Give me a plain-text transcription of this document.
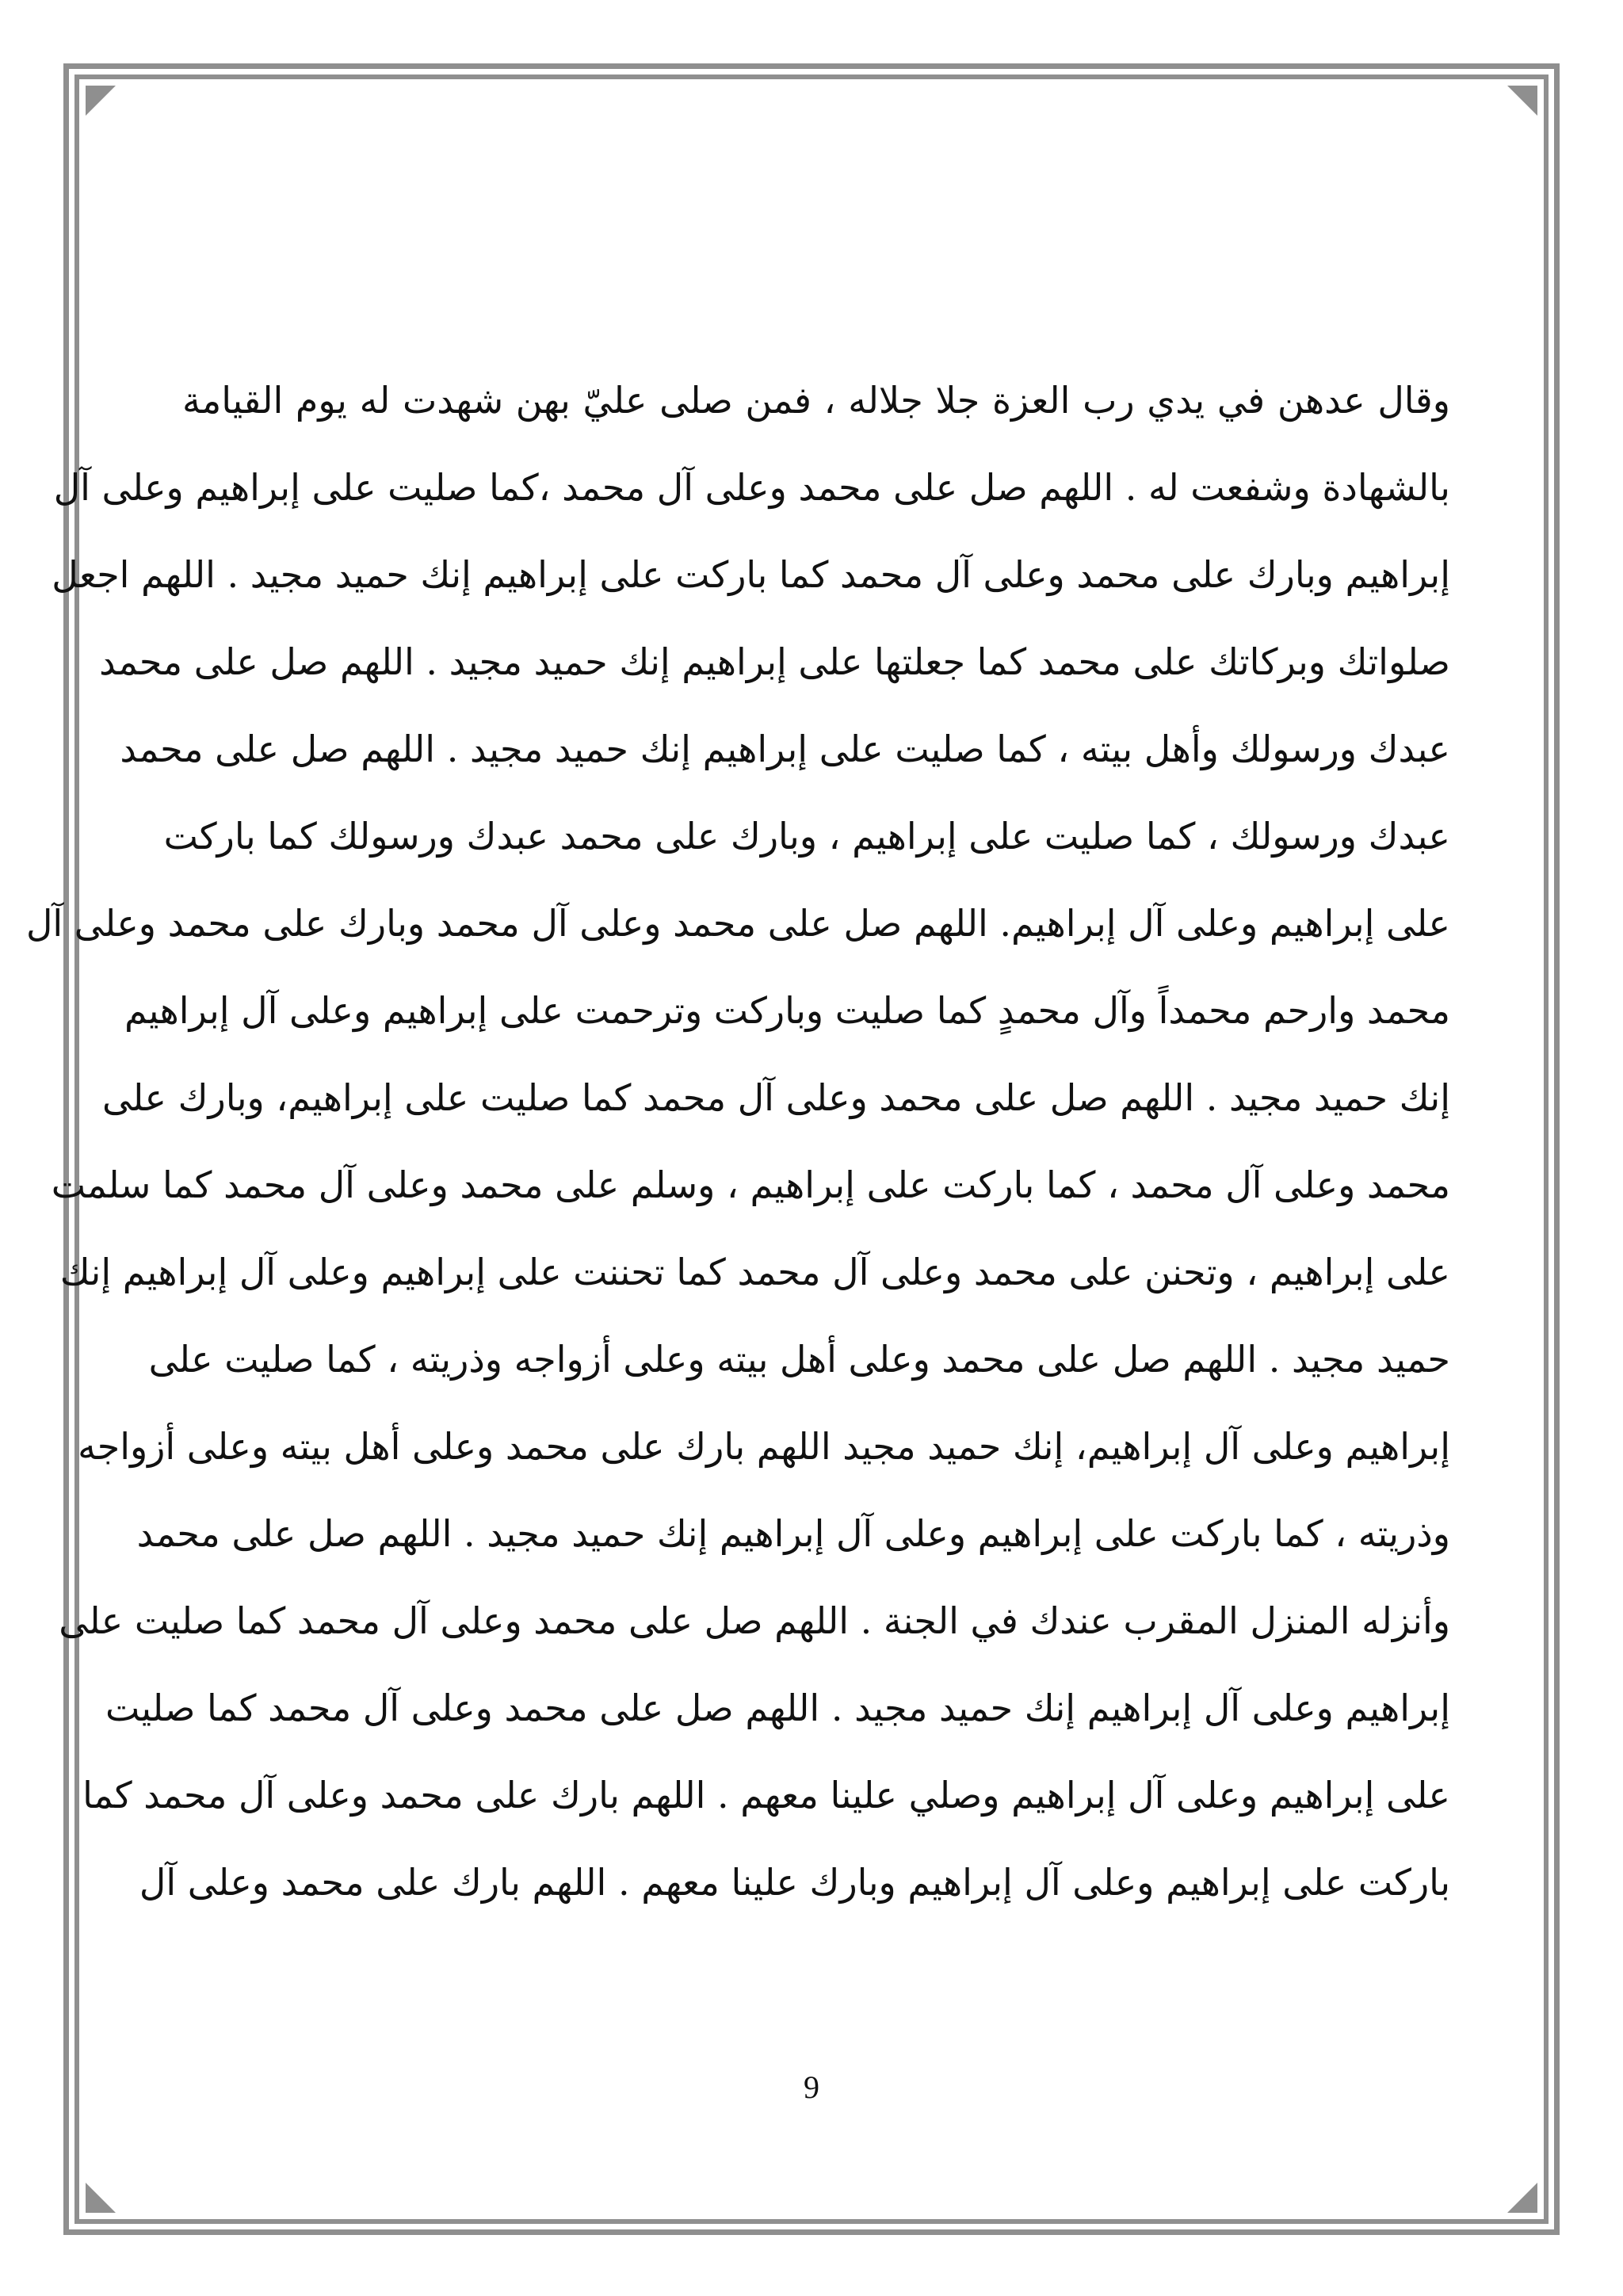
وقال عدهن في يدي رب العزة جلا جلاله ، فمن صلى عليّ بهن شهدت له يوم القيامة
بالشهادة وشفعت له . اللهم صل على محمد وعلى آل محمد ،كما صليت على إبراهيم وعلى آل
إبراهيم وبارك على محمد وعلى آل محمد كما باركت على إبراهيم إنك حميد مجيد . اللهم اجعل
صلواتك وبركاتك على محمد كما جعلتها على إبراهيم إنك حميد مجيد . اللهم صل على محمد
عبدك ورسولك وأهل بيته ، كما صليت على إبراهيم إنك حميد مجيد . اللهم صل على محمد
عبدك ورسولك ، كما صليت على إبراهيم ، وبارك على محمد عبدك ورسولك كما باركت
على إبراهيم وعلى آل إبراهيم. اللهم صل على محمد وعلى آل محمد وبارك على محمد وعلى آل
محمد وارحم محمداً وآل محمدٍ كما صليت وباركت وترحمت على إبراهيم وعلى آل إبراهيم
إنك حميد مجيد . اللهم صل على محمد وعلى آل محمد كما صليت على إبراهيم، وبارك على
محمد وعلى آل محمد ، كما باركت على إبراهيم ، وسلم على محمد وعلى آل محمد كما سلمت
على إبراهيم ، وتحنن على محمد وعلى آل محمد كما تحننت على إبراهيم وعلى آل إبراهيم إنك
حميد مجيد . اللهم صل على محمد وعلى أهل بيته وعلى أزواجه وذريته ، كما صليت على
إبراهيم وعلى آل إبراهيم، إنك حميد مجيد اللهم بارك على محمد وعلى أهل بيته وعلى أزواجه
وذريته ، كما باركت على إبراهيم وعلى آل إبراهيم إنك حميد مجيد . اللهم صل على محمد
وأنزله المنزل المقرب عندك في الجنة . اللهم صل على محمد وعلى آل محمد كما صليت على
إبراهيم وعلى آل إبراهيم إنك حميد مجيد . اللهم صل على محمد وعلى آل محمد كما صليت
على إبراهيم وعلى آل إبراهيم وصلي علينا معهم . اللهم بارك على محمد وعلى آل محمد كما
باركت على إبراهيم وعلى آل إبراهيم وبارك علينا معهم . اللهم بارك على محمد وعلى آل
9
